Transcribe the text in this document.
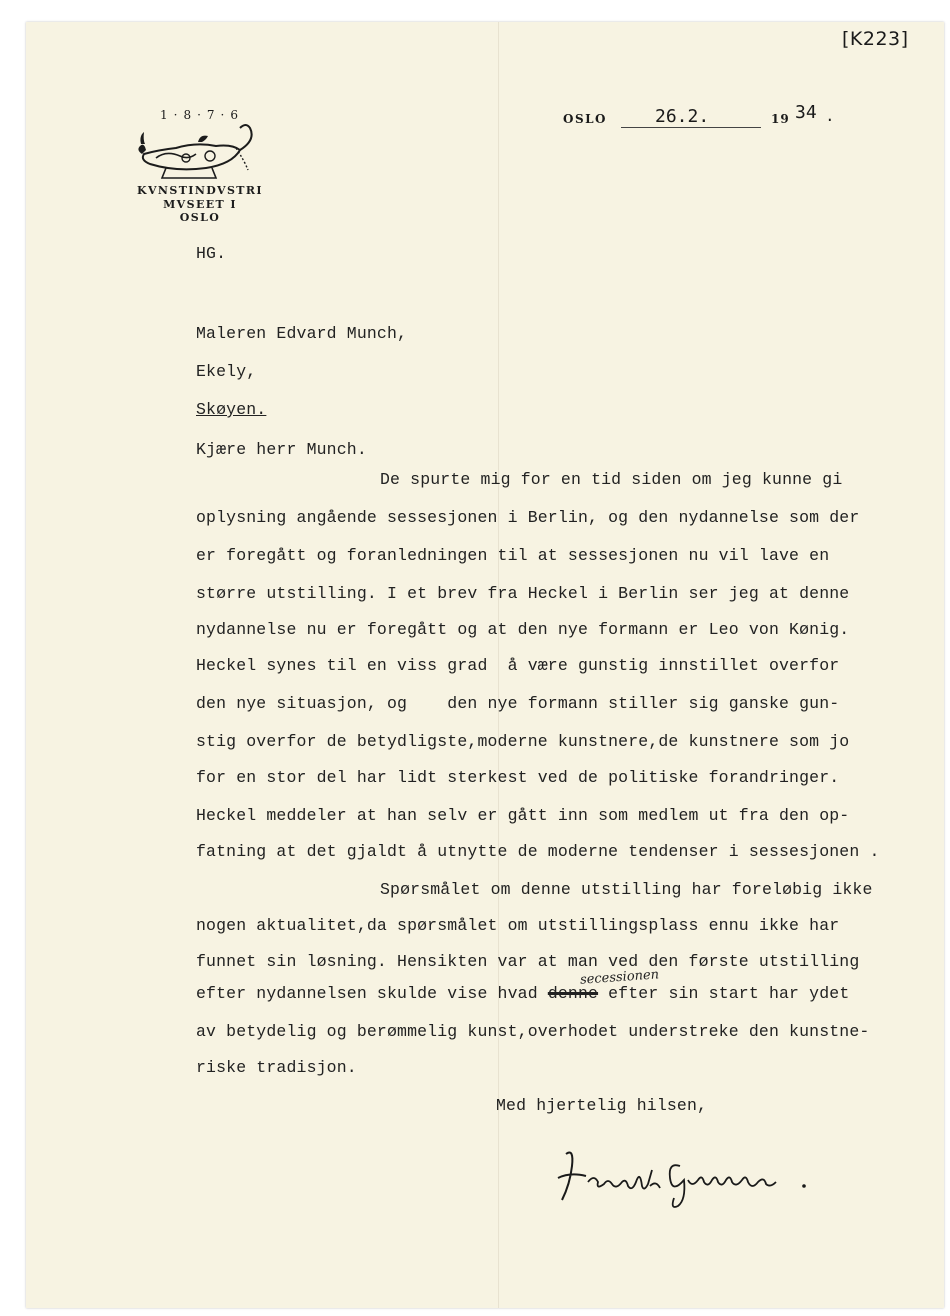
[K223]
1·8·7·6
KVNSTINDVSTRI
MVSEET I
OSLO
OSLO	26.2.	19 34 .
HG.
Maleren Edvard Munch,
Ekely,
Skøyen.
Kjære herr Munch.
De spurte mig for en tid siden om jeg kunne gi
oplysning angående sessesjonen i Berlin, og den nydannelse som der
er foregått og foranledningen til at sessesjonen nu vil lave en
større utstilling. I et brev fra Heckel i Berlin ser jeg at denne
nydannelse nu er foregått og at den nye formann er Leo von Kønig.
Heckel synes til en viss grad  å være gunstig innstillet overfor
den nye situasjon, og    den nye formann stiller sig ganske gun-
stig overfor de betydligste,moderne kunstnere,de kunstnere som jo
for en stor del har lidt sterkest ved de politiske forandringer.
Heckel meddeler at han selv er gått inn som medlem ut fra den op-
fatning at det gjaldt å utnytte de moderne tendenser i sessesjonen .
Spørsmålet om denne utstilling har foreløbig ikke
nogen aktualitet,da spørsmålet om utstillingsplass ennu ikke har
funnet sin løsning. Hensikten var at man ved den første utstilling
secessionen
efter nydannelsen skulde vise hvad denne efter sin start har ydet
av betydelig og berømmelig kunst,overhodet understreke den kunstne-
riske tradisjon.
Med hjertelig hilsen,
